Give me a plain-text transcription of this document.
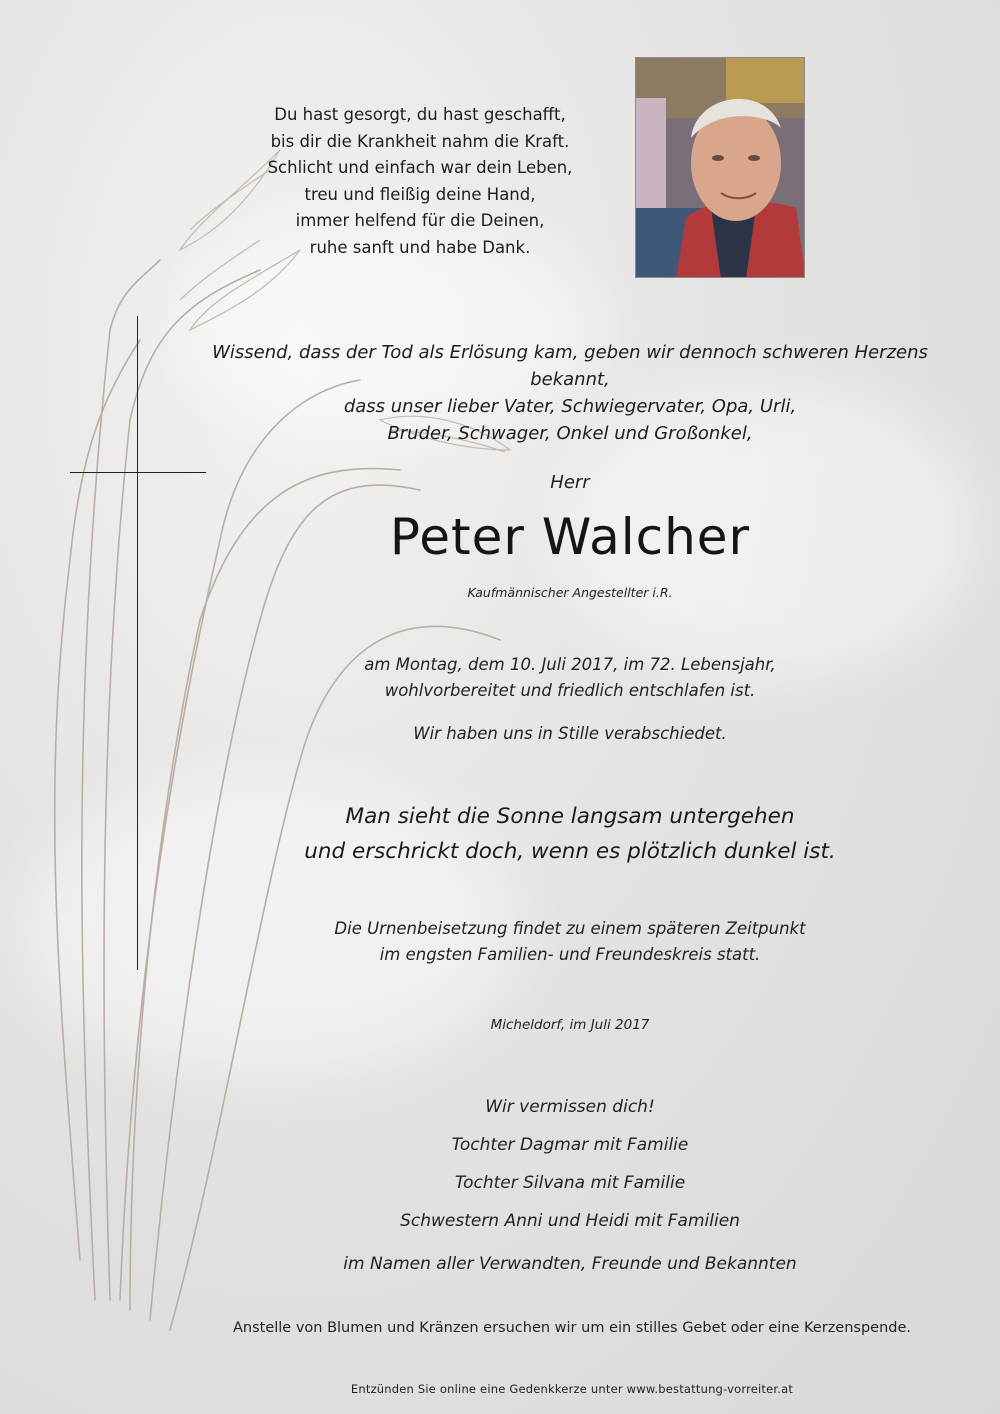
Du hast gesorgt, du hast geschafft,
bis dir die Krankheit nahm die Kraft.
Schlicht und einfach war dein Leben,
treu und fleißig deine Hand,
immer helfend für die Deinen,
ruhe sanft und habe Dank.
Wissend, dass der Tod als Erlösung kam, geben wir dennoch schweren Herzens bekannt,
dass unser lieber Vater, Schwiegervater, Opa, Urli,
Bruder, Schwager, Onkel und Großonkel,
Herr
Peter Walcher
Kaufmännischer Angestellter i.R.
am Montag, dem 10. Juli 2017, im 72. Lebensjahr,
wohlvorbereitet und friedlich entschlafen ist.
Wir haben uns in Stille verabschiedet.
Man sieht die Sonne langsam untergehen
und erschrickt doch, wenn es plötzlich dunkel ist.
Die Urnenbeisetzung findet zu einem späteren Zeitpunkt
im engsten Familien- und Freundeskreis statt.
Micheldorf, im Juli 2017
Wir vermissen dich!
Tochter Dagmar mit Familie
Tochter Silvana mit Familie
Schwestern Anni und Heidi mit Familien
im Namen aller Verwandten, Freunde und Bekannten
Anstelle von Blumen und Kränzen ersuchen wir um ein stilles Gebet oder eine Kerzenspende.
Entzünden Sie online eine Gedenkkerze unter www.bestattung-vorreiter.at
